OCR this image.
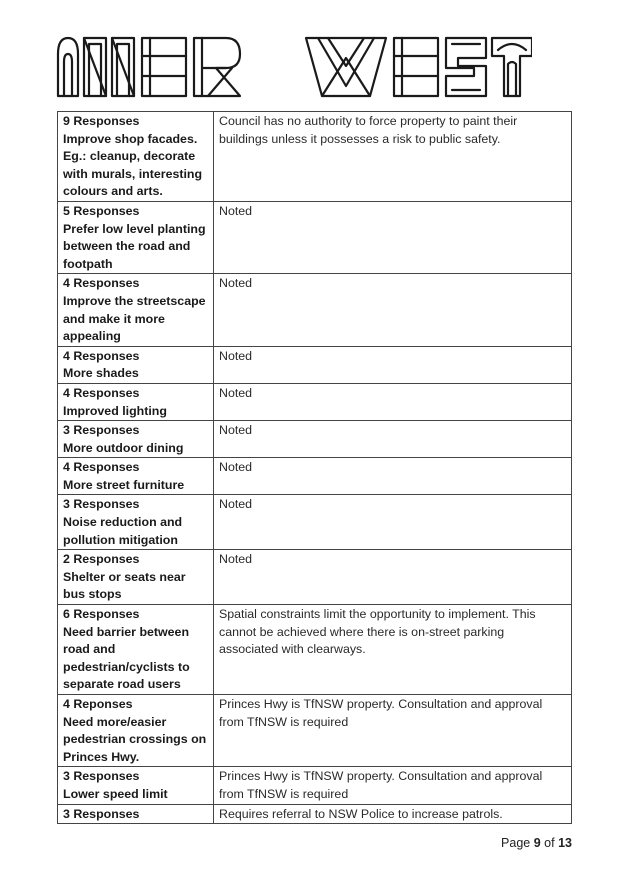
9 Responses
Improve shop facades. Eg.: cleanup, decorate with murals, interesting colours and arts.	Council has no authority to force property to paint their buildings unless it possesses a risk to public safety.

5 Responses
Prefer low level planting between the road and footpath	Noted

4 Responses
Improve the streetscape and make it more appealing	Noted

4 Responses
More shades	Noted

4 Responses
Improved lighting	Noted

3 Responses
More outdoor dining	Noted

4 Responses
More street furniture	Noted

3 Responses
Noise reduction and pollution mitigation	Noted

2 Responses
Shelter or seats near bus stops	Noted

6 Responses
Need barrier between road and pedestrian/cyclists to separate road users	Spatial constraints limit the opportunity to implement. This cannot be achieved where there is on-street parking associated with clearways.

4 Reponses
Need more/easier pedestrian crossings on Princes Hwy.	Princes Hwy is TfNSW property. Consultation and approval from TfNSW is required

3 Responses
Lower speed limit	Princes Hwy is TfNSW property. Consultation and approval from TfNSW is required

3 Responses	Requires referral to NSW Police to increase patrols.
Page 9 of 13
